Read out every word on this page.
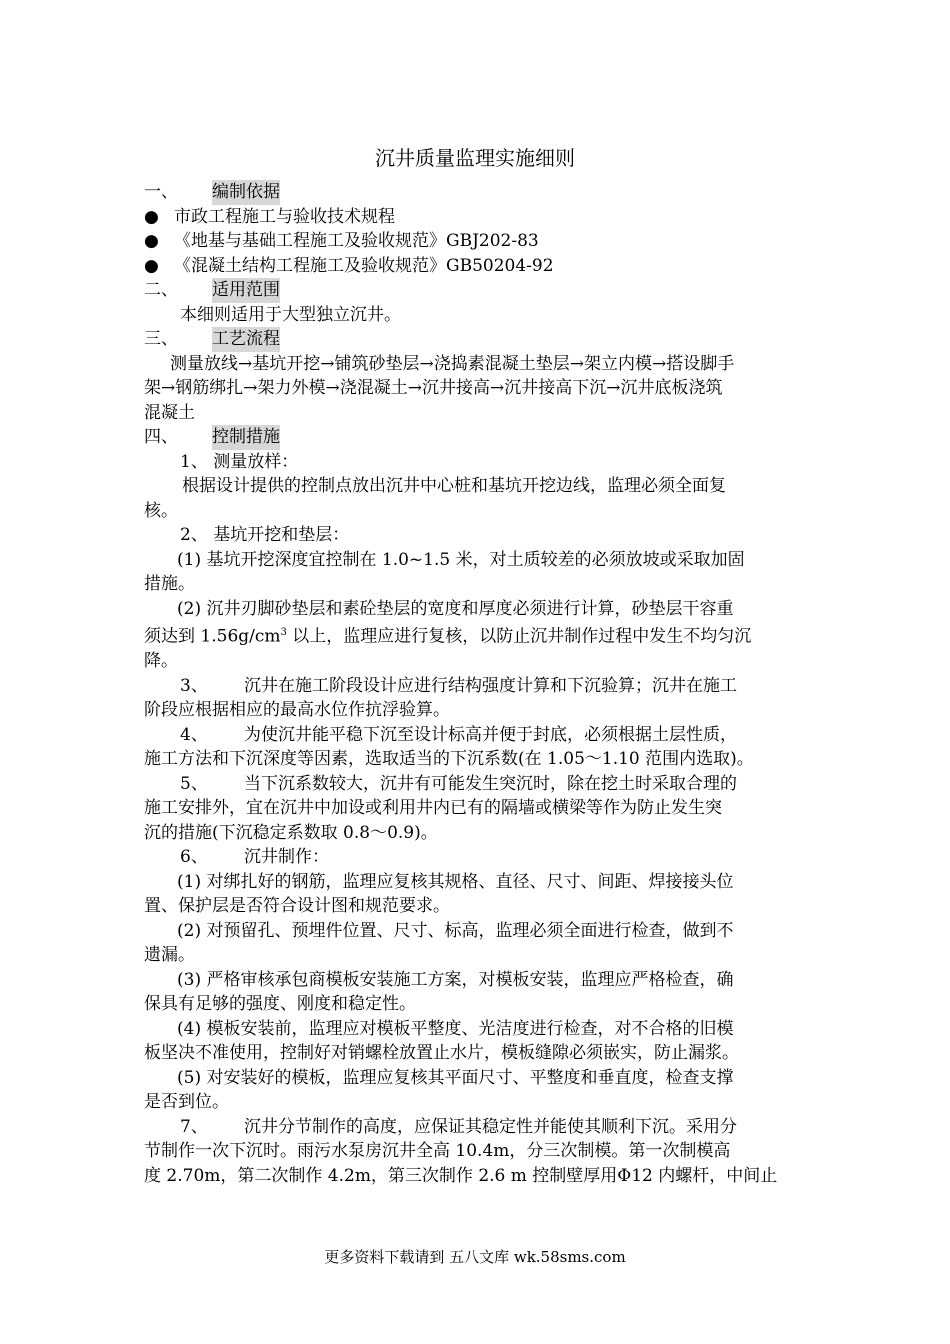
沉井质量监理实施细则
一、	编制依据
● 市政工程施工与验收技术规程
● 《地基与基础工程施工及验收规范》GBJ202-83
● 《混凝土结构工程施工及验收规范》GB50204-92
二、	适用范围
本细则适用于大型独立沉井。
三、	工艺流程
测量放线→基坑开挖→铺筑砂垫层→浇捣素混凝土垫层→架立内模→搭设脚手
架→钢筋绑扎→架力外模→浇混凝土→沉井接高→沉井接高下沉→沉井底板浇筑
混凝土
四、	控制措施
1、 测量放样：
根据设计提供的控制点放出沉井中心桩和基坑开挖边线，监理必须全面复
核。
2、 基坑开挖和垫层：
(1) 基坑开挖深度宜控制在 1.0~1.5 米，对土质较差的必须放坡或采取加固
措施。
(2) 沉井刃脚砂垫层和素砼垫层的宽度和厚度必须进行计算，砂垫层干容重
须达到 $1.56g/cm^3$ 以上，监理应进行复核，以防止沉井制作过程中发生不均匀沉
降。
3、 沉井在施工阶段设计应进行结构强度计算和下沉验算；沉井在施工
阶段应根据相应的最高水位作抗浮验算。
4、 为使沉井能平稳下沉至设计标高并便于封底，必须根据土层性质，
施工方法和下沉深度等因素，选取适当的下沉系数(在 1.05～1.10 范围内选取)。
5、 当下沉系数较大，沉井有可能发生突沉时，除在挖土时采取合理的
施工安排外，宜在沉井中加设或利用井内已有的隔墙或横梁等作为防止发生突
沉的措施(下沉稳定系数取 0.8～0.9)。
6、 沉井制作：
(1) 对绑扎好的钢筋，监理应复核其规格、直径、尺寸、间距、焊接接头位
置、保护层是否符合设计图和规范要求。
(2) 对预留孔、预埋件位置、尺寸、标高，监理必须全面进行检查，做到不
遗漏。
(3) 严格审核承包商模板安装施工方案，对模板安装，监理应严格检查，确
保具有足够的强度、刚度和稳定性。
(4) 模板安装前，监理应对模板平整度、光洁度进行检查，对不合格的旧模
板坚决不准使用，控制好对销螺栓放置止水片，模板缝隙必须嵌实，防止漏浆。
(5) 对安装好的模板，监理应复核其平面尺寸、平整度和垂直度，检查支撑
是否到位。
7、 沉井分节制作的高度，应保证其稳定性并能使其顺利下沉。采用分
节制作一次下沉时。雨污水泵房沉井全高 10.4m，分三次制模。第一次制模高
度 2.70m，第二次制作 4.2m，第三次制作 2.6 m 控制壁厚用Φ12 内螺杆，中间止
更多资料下载请到 五八文库 wk.58sms.com
